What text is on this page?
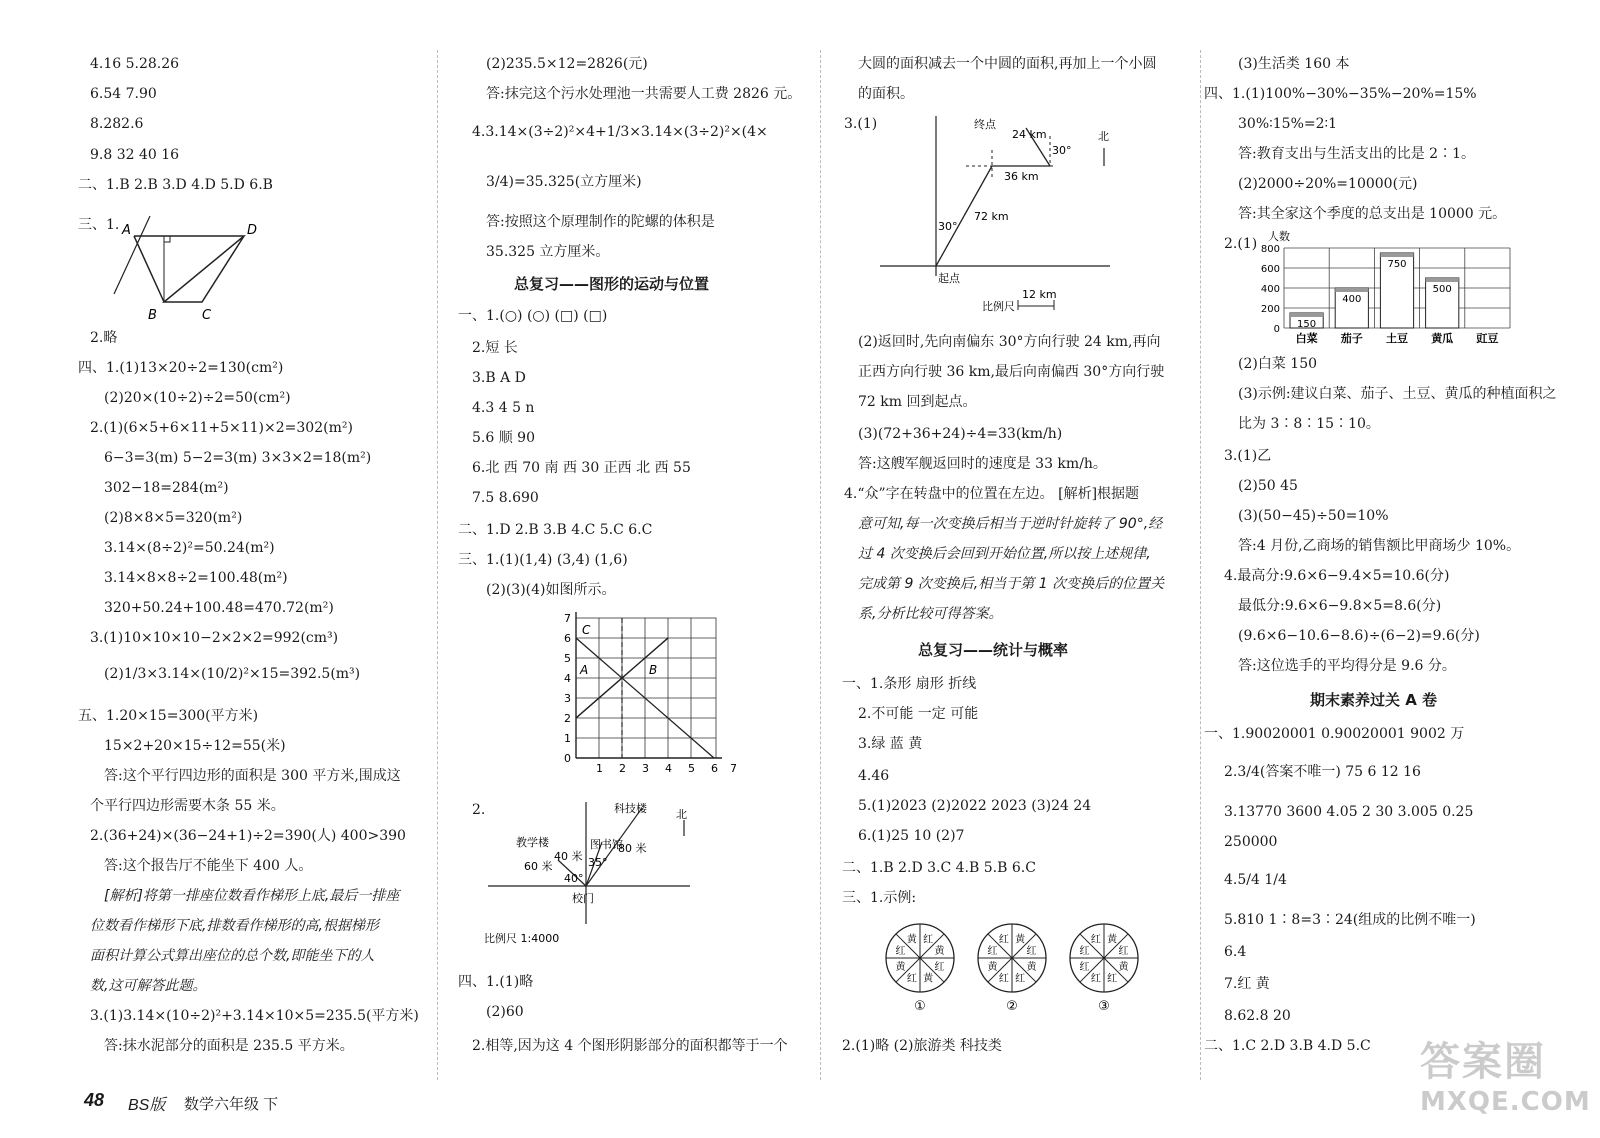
4.16 5.28.26
6.54 7.90
8.282.6
9.8 32 40 16
二、1.B 2.B 3.D 4.D 5.D 6.B
三、1. A	D
B	C
2.略
四、1.(1)13×20÷2=130(cm²)
(2)20×(10÷2)÷2=50(cm²)
2.(1)(6×5+6×11+5×11)×2=302(m²)
6−3=3(m) 5−2=3(m) 3×3×2=18(m²)
302−18=284(m²)
(2)8×8×5=320(m²)
3.14×(8÷2)²=50.24(m²)
3.14×8×8÷2=100.48(m²)
320+50.24+100.48=470.72(m²)
3.(1)10×10×10−2×2×2=992(cm³)
(2)1/3×3.14×(10/2)²×15=392.5(m³)
五、1.20×15=300(平方米)
15×2+20×15÷12=55(米)
答:这个平行四边形的面积是 300 平方米,围成这
个平行四边形需要木条 55 米。
2.(36+24)×(36−24+1)÷2=390(人) 400>390
答:这个报告厅不能坐下 400 人。
[解析]将第一排座位数看作梯形上底,最后一排座
位数看作梯形下底,排数看作梯形的高,根据梯形
面积计算公式算出座位的总个数,即能坐下的人
数,这可解答此题。
3.(1)3.14×(10÷2)²+3.14×10×5=235.5(平方米)
答:抹水泥部分的面积是 235.5 平方米。
(2)235.5×12=2826(元)
答:抹完这个污水处理池一共需要人工费 2826 元。
4.3.14×(3÷2)²×4+1/3×3.14×(3÷2)²×(4×
3/4)=35.325(立方厘米)
答:按照这个原理制作的陀螺的体积是
35.325 立方厘米。
总复习——图形的运动与位置
一、1.(○) (○) (□) (□)
2.短 长
3.B A D
4.3 4 5 n
5.6 顺 90
6.北 西 70 南 西 30 正西 北 西 55
7.5 8.690
二、1.D 2.B 3.B 4.C 5.C 6.C
三、1.(1)(1,4) (3,4) (1,6)
(2)(3)(4)如图所示。
1 2 3 4 5 6 7
0
1
2
3
4
5
6
7
C
A	B
2.	科技楼	北
教学楼	图书馆
60 米
40 米 35°
80 米
40°
校门
比例尺 1:4000
四、1.(1)略
(2)60
2.相等,因为这 4 个图形阴影部分的面积都等于一个
大圆的面积减去一个中圆的面积,再加上一个小圆
的面积。
3.(1)	终点
24 km	北
30°
36 km
72 km
30°
起点
比例尺
12 km
(2)返回时,先向南偏东 30°方向行驶 24 km,再向
正西方向行驶 36 km,最后向南偏西 30°方向行驶
72 km 回到起点。
(3)(72+36+24)÷4=33(km/h)
答:这艘军舰返回时的速度是 33 km/h。
4.“众”字在转盘中的位置在左边。 [解析]根据题
意可知,每一次变换后相当于逆时针旋转了 90°,经
过 4 次变换后会回到开始位置,所以按上述规律,
完成第 9 次变换后,相当于第 1 次变换后的位置关
系,分析比较可得答案。
总复习——统计与概率
一、1.条形 扇形 折线
2.不可能 一定 可能
3.绿 蓝 黄
4.46
5.(1)2023 (2)2022 2023 (3)24 24
6.(1)25 10 (2)7
二、1.B 2.D 3.C 4.B 5.B 6.C
三、1.示例:
红
黄
红
黄
红
黄
红
黄
①
黄
红
黄
红
红
黄
红
红
②
黄
红
黄
红
红
红
红
红
③
2.(1)略 (2)旅游类 科技类
(3)生活类 160 本
四、1.(1)100%−30%−35%−20%=15%
30%∶15%=2∶1
答:教育支出与生活支出的比是 2∶1。
(2)2000÷20%=10000(元)
答:其全家这个季度的总支出是 10000 元。
2.(1) 人数
800
600
400
200
0 150
白菜
400
茄子
750
土豆
500
黄瓜 豇豆
(2)白菜 150
(3)示例:建议白菜、茄子、土豆、黄瓜的种植面积之
比为 3∶8∶15∶10。
3.(1)乙
(2)50 45
(3)(50−45)÷50=10%
答:4 月份,乙商场的销售额比甲商场少 10%。
4.最高分:9.6×6−9.4×5=10.6(分)
最低分:9.6×6−9.8×5=8.6(分)
(9.6×6−10.6−8.6)÷(6−2)=9.6(分)
答:这位选手的平均得分是 9.6 分。
期末素养过关 A 卷
一、1.90020001 0.90020001 9002 万
2.3/4(答案不唯一) 75 6 12 16
3.13770 3600 4.05 2 30 3.005 0.25
250000
4.5/4 1/4
5.810 1∶8=3∶24(组成的比例不唯一)
6.4
7.红 黄
8.62.8 20
二、1.C 2.D 3.B 4.D 5.C
48 BS版 数学六年级 下
答案圈
MXQE.COM
